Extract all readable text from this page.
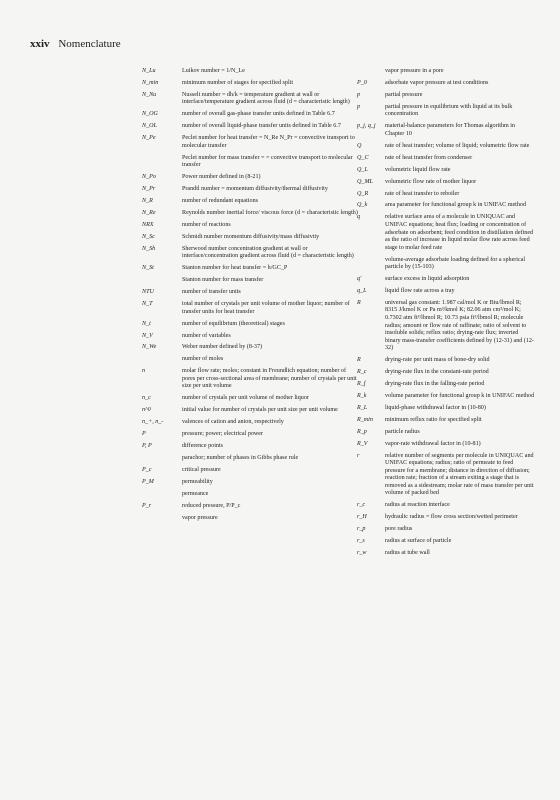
xxiv Nomenclature
N_Lu	Luikov number = 1/N_Le
N_min	minimum number of stages for specified split
N_Nu	Nusselt number = dh/k = temperature gradient at wall or interface/temperature gradient across fluid (d = characteristic length)
N_OG	number of overall gas-phase transfer units defined in Table 6.7
N_OL	number of overall liquid-phase transfer units defined in Table 6.7
N_Pe	Peclet number for heat transfer = N_Re N_Pr = convective transport to molecular transfer
Peclet number for mass transfer = = convective transport to molecular transfer
N_Po	Power number defined in (8-21)
N_Pr	Prandtl number = momentum diffusivity/thermal diffusivity
N_R	number of redundant equations
N_Re	Reynolds number inertial force/ viscous force (d = characteristic length)
NRX	number of reactions
N_Sc	Schmidt number momentum diffusivity/mass diffusivity
N_Sh	Sherwood number concentration gradient at wall or interface/concentration gradient across fluid (d = characteristic length)
N_St	Stanton number for heat transfer = h/GC_P
Stanton number for mass transfer
NTU	number of transfer units
N_T	total number of crystals per unit volume of mother liquor; number of transfer units for heat transfer
N_t	number of equilibrium (theoretical) stages
N_V	number of variables
N_We	Weber number defined by (8-37)
number of moles
n	molar flow rate; moles; constant in Freundlich equation; number of pores per cross-sectional area of membrane; number of crystals per unit size per unit volume
n_c	number of crystals per unit volume of mother liquor
n^0	initial value for number of crystals per unit size per unit volume
n_+, n_-	valences of cation and anion, respectively
P	pressure; power; electrical power
P, P	difference points
parachor; number of phases in Gibbs phase rule
P_c	critical pressure
P_M	permeability
permeance
P_r	reduced pressure, P/P_c
vapor pressure
vapor pressure in a pore
P_0	adsorbate vapor pressure at test conditions
p	partial pressure
p	partial pressure in equilibrium with liquid at its bulk concentration
p_j, q_j	material-balance parameters for Thomas algorithm in Chapter 10
Q	rate of heat transfer; volume of liquid; volumetric flow rate
Q_C	rate of heat transfer from condenser
Q_L	volumetric liquid flow rate
Q_ML	volumetric flow rate of mother liquor
Q_R	rate of heat transfer to reboiler
Q_k	area parameter for functional group k in UNIFAC method
q	relative surface area of a molecule in UNIQUAC and UNIFAC equations; heat flux; loading or concentration of adsorbate on adsorbent; feed condition in distillation defined as the ratio of increase in liquid molar flow rate across feed stage to molar feed rate
volume-average adsorbate loading defined for a spherical particle by (15-103)
q'	surface excess in liquid adsorption
q_L	liquid flow rate across a tray
R	universal gas constant: 1.987 cal/mol K or Btu/lbmol R; 8315 J/kmol K or Pa m³/kmol K; 82.06 atm cm³/mol K; 0.7302 atm ft³/lbmol R; 10.73 psia ft³/lbmol R; molecule radius; amount or flow rate of raffinate; ratio of solvent to insoluble solids; reflux ratio; drying-rate flux; inverted binary mass-transfer coefficients defined by (12-31) and (12-32)
R	drying-rate per unit mass of bone-dry solid
R_c	drying-rate flux in the constant-rate period
R_f	drying-rate flux in the falling-rate period
R_k	volume parameter for functional group k in UNIFAC method
R_L	liquid-phase withdrawal factor in (10-80)
R_min	minimum reflux ratio for specified split
R_p	particle radius
R_V	vapor-rate withdrawal factor in (10-81)
r	relative number of segments per molecule in UNIQUAC and UNIFAC equations; radius; ratio of permeate to feed pressure for a membrane; distance in direction of diffusion; reaction rate; fraction of a stream exiting a stage that is removed as a sidestream; molar rate of mass transfer per unit volume of packed bed
r_c	radius at reaction interface
r_H	hydraulic radius = flow cross section/wetted perimeter
r_p	pore radius
r_s	radius at surface of particle
r_w	radius at tube wall
